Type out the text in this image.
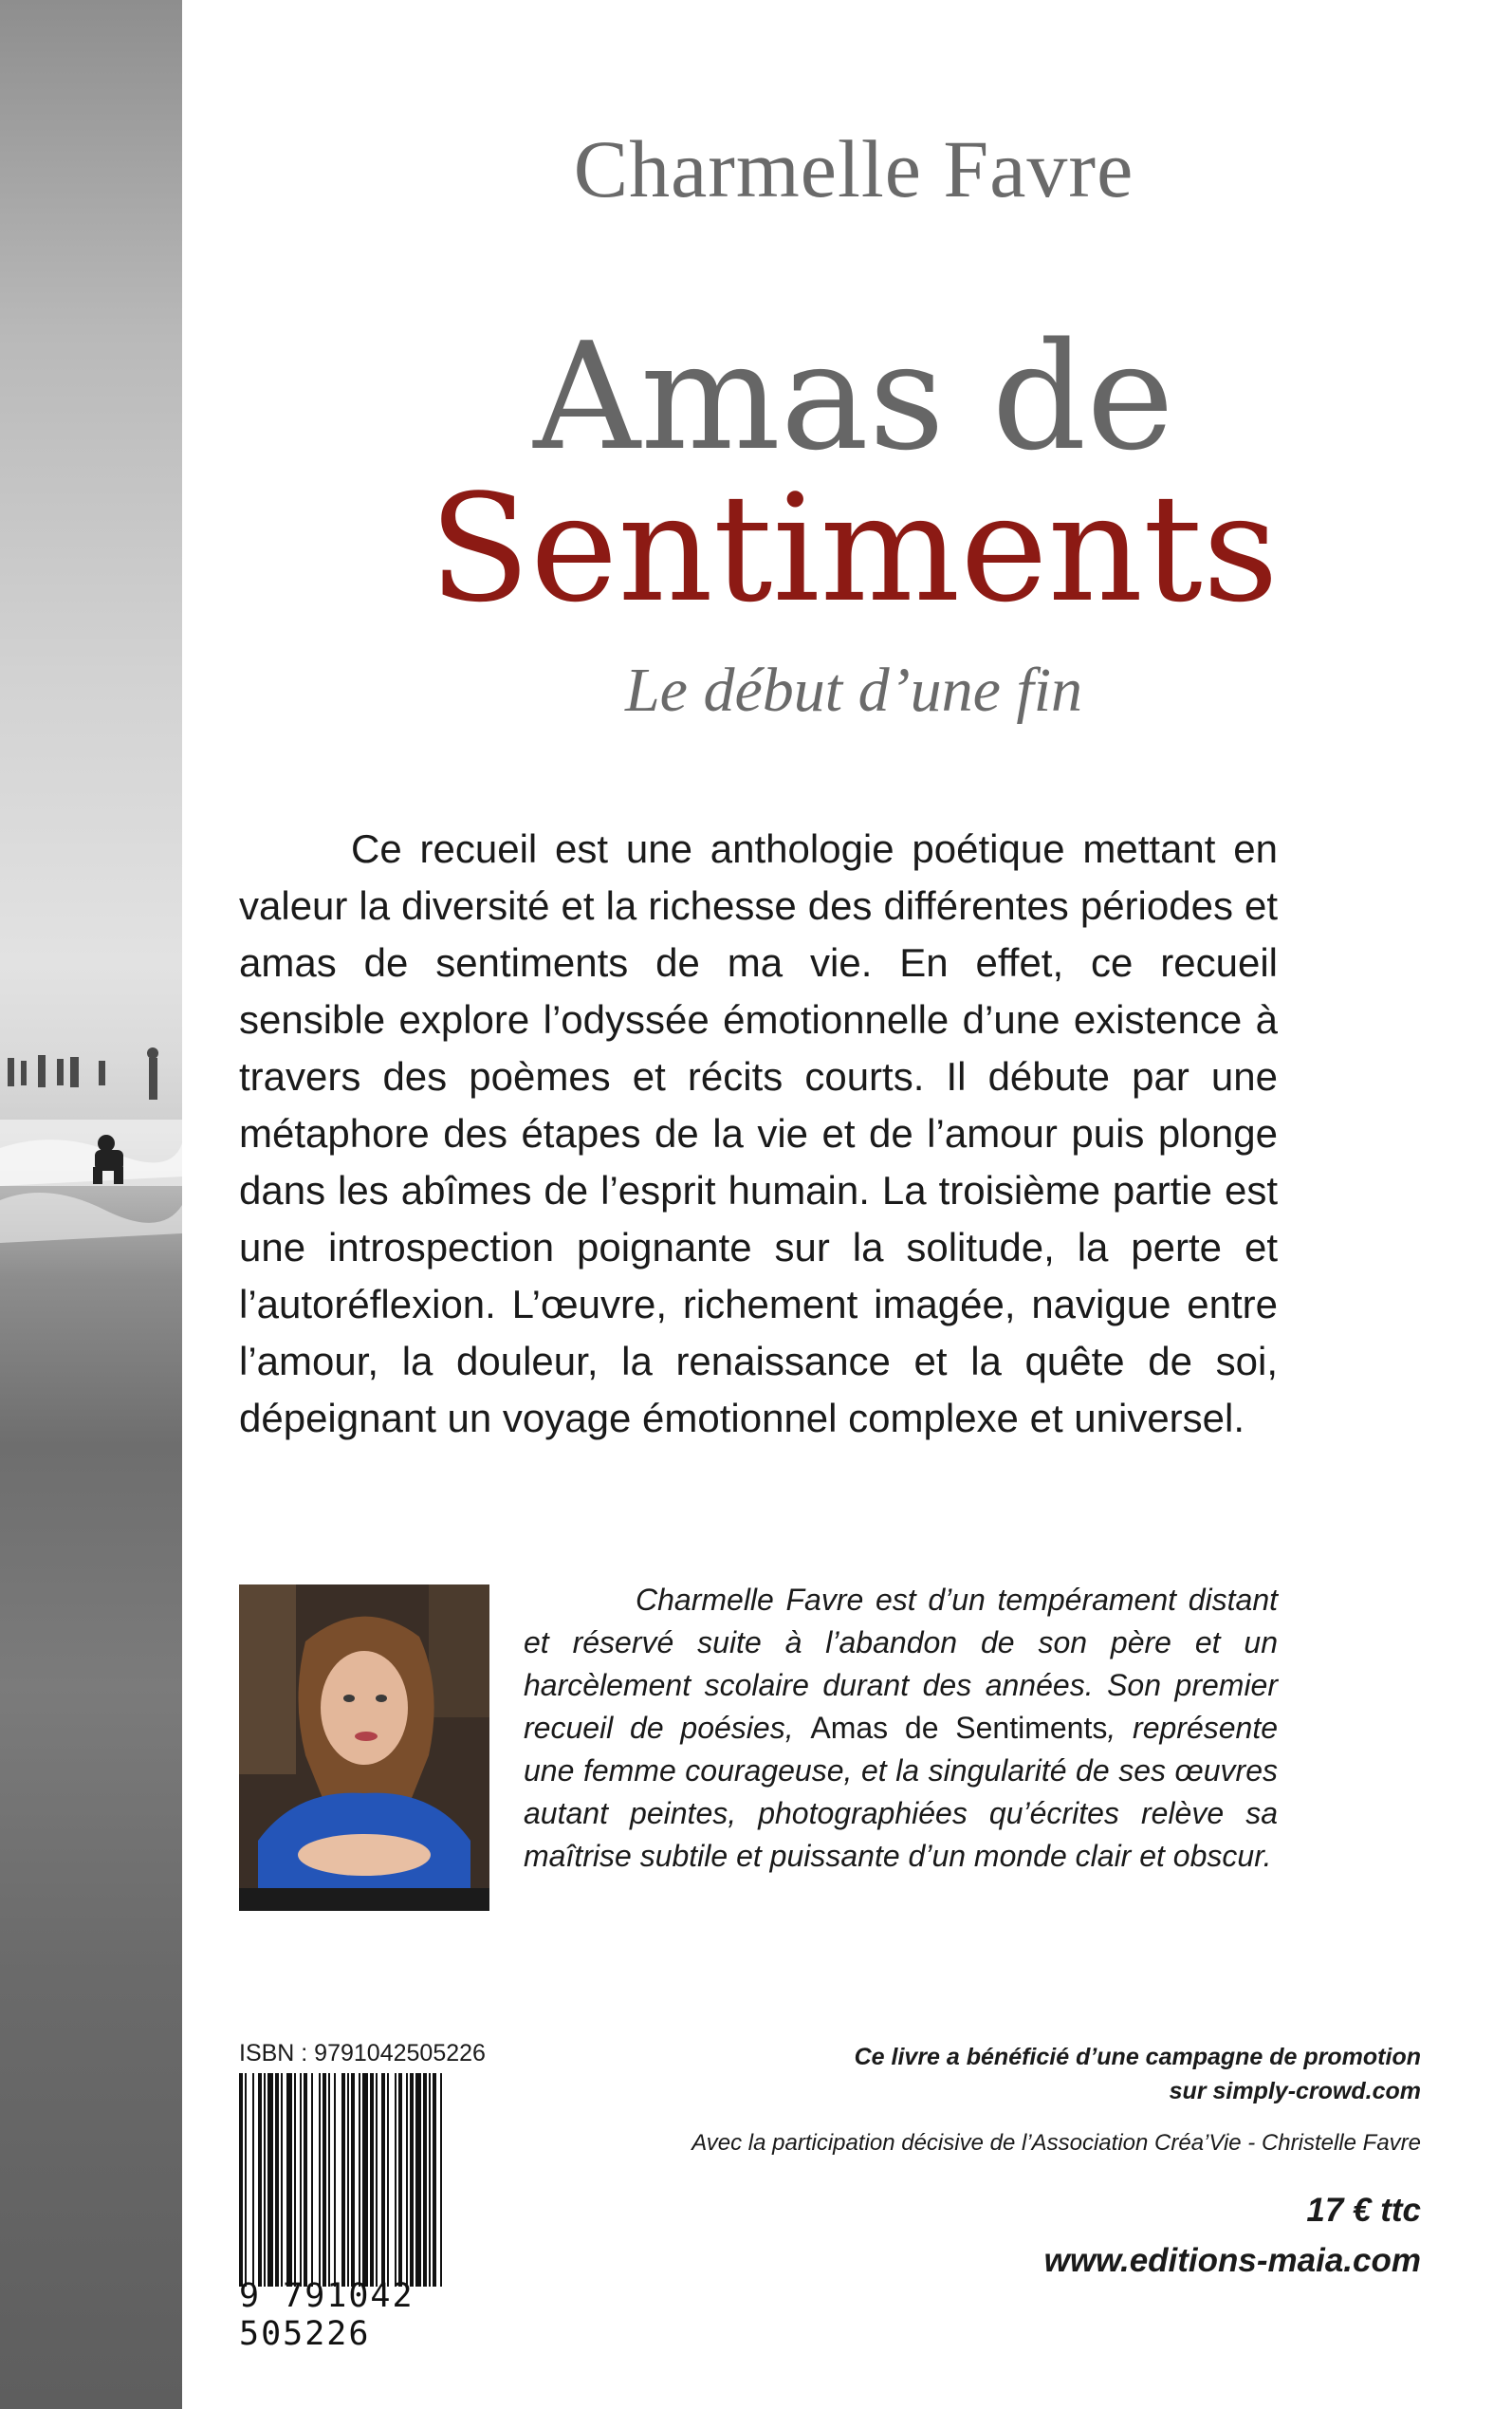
Charmelle Favre
Amas de
Sentiments

Le début d’une fin

Ce recueil est une anthologie poétique mettant en valeur la diversité et la richesse des différentes périodes et amas de sentiments de ma vie. En effet, ce recueil sensible explore l’odyssée émotionnelle d’une existence à travers des poèmes et récits courts. Il débute par une métaphore des étapes de la vie et de l’amour puis plonge dans les abîmes de l’esprit humain. La troisième partie est une introspection poignante sur la solitude, la perte et l’autoréflexion. L’œuvre, richement imagée, navigue entre l’amour, la douleur, la renaissance et la quête de soi, dépeignant un voyage émotionnel complexe et universel.

Charmelle Favre est d’un tempérament distant et réservé suite à l’abandon de son père et un harcèlement scolaire durant des années. Son premier recueil de poésies, Amas de Sentiments, représente une femme courageuse, et la singularité de ses œuvres autant peintes, photographiées qu’écrites relève sa maîtrise subtile et puissante d’un monde clair et obscur.

ISBN : 9791042505226
9 791042 505226
Ce livre a bénéficié d’une campagne de promotion
sur simply-crowd.com
Avec la participation décisive de l’Association Créa’Vie - Christelle Favre
17 € ttc
www.editions-maia.com
